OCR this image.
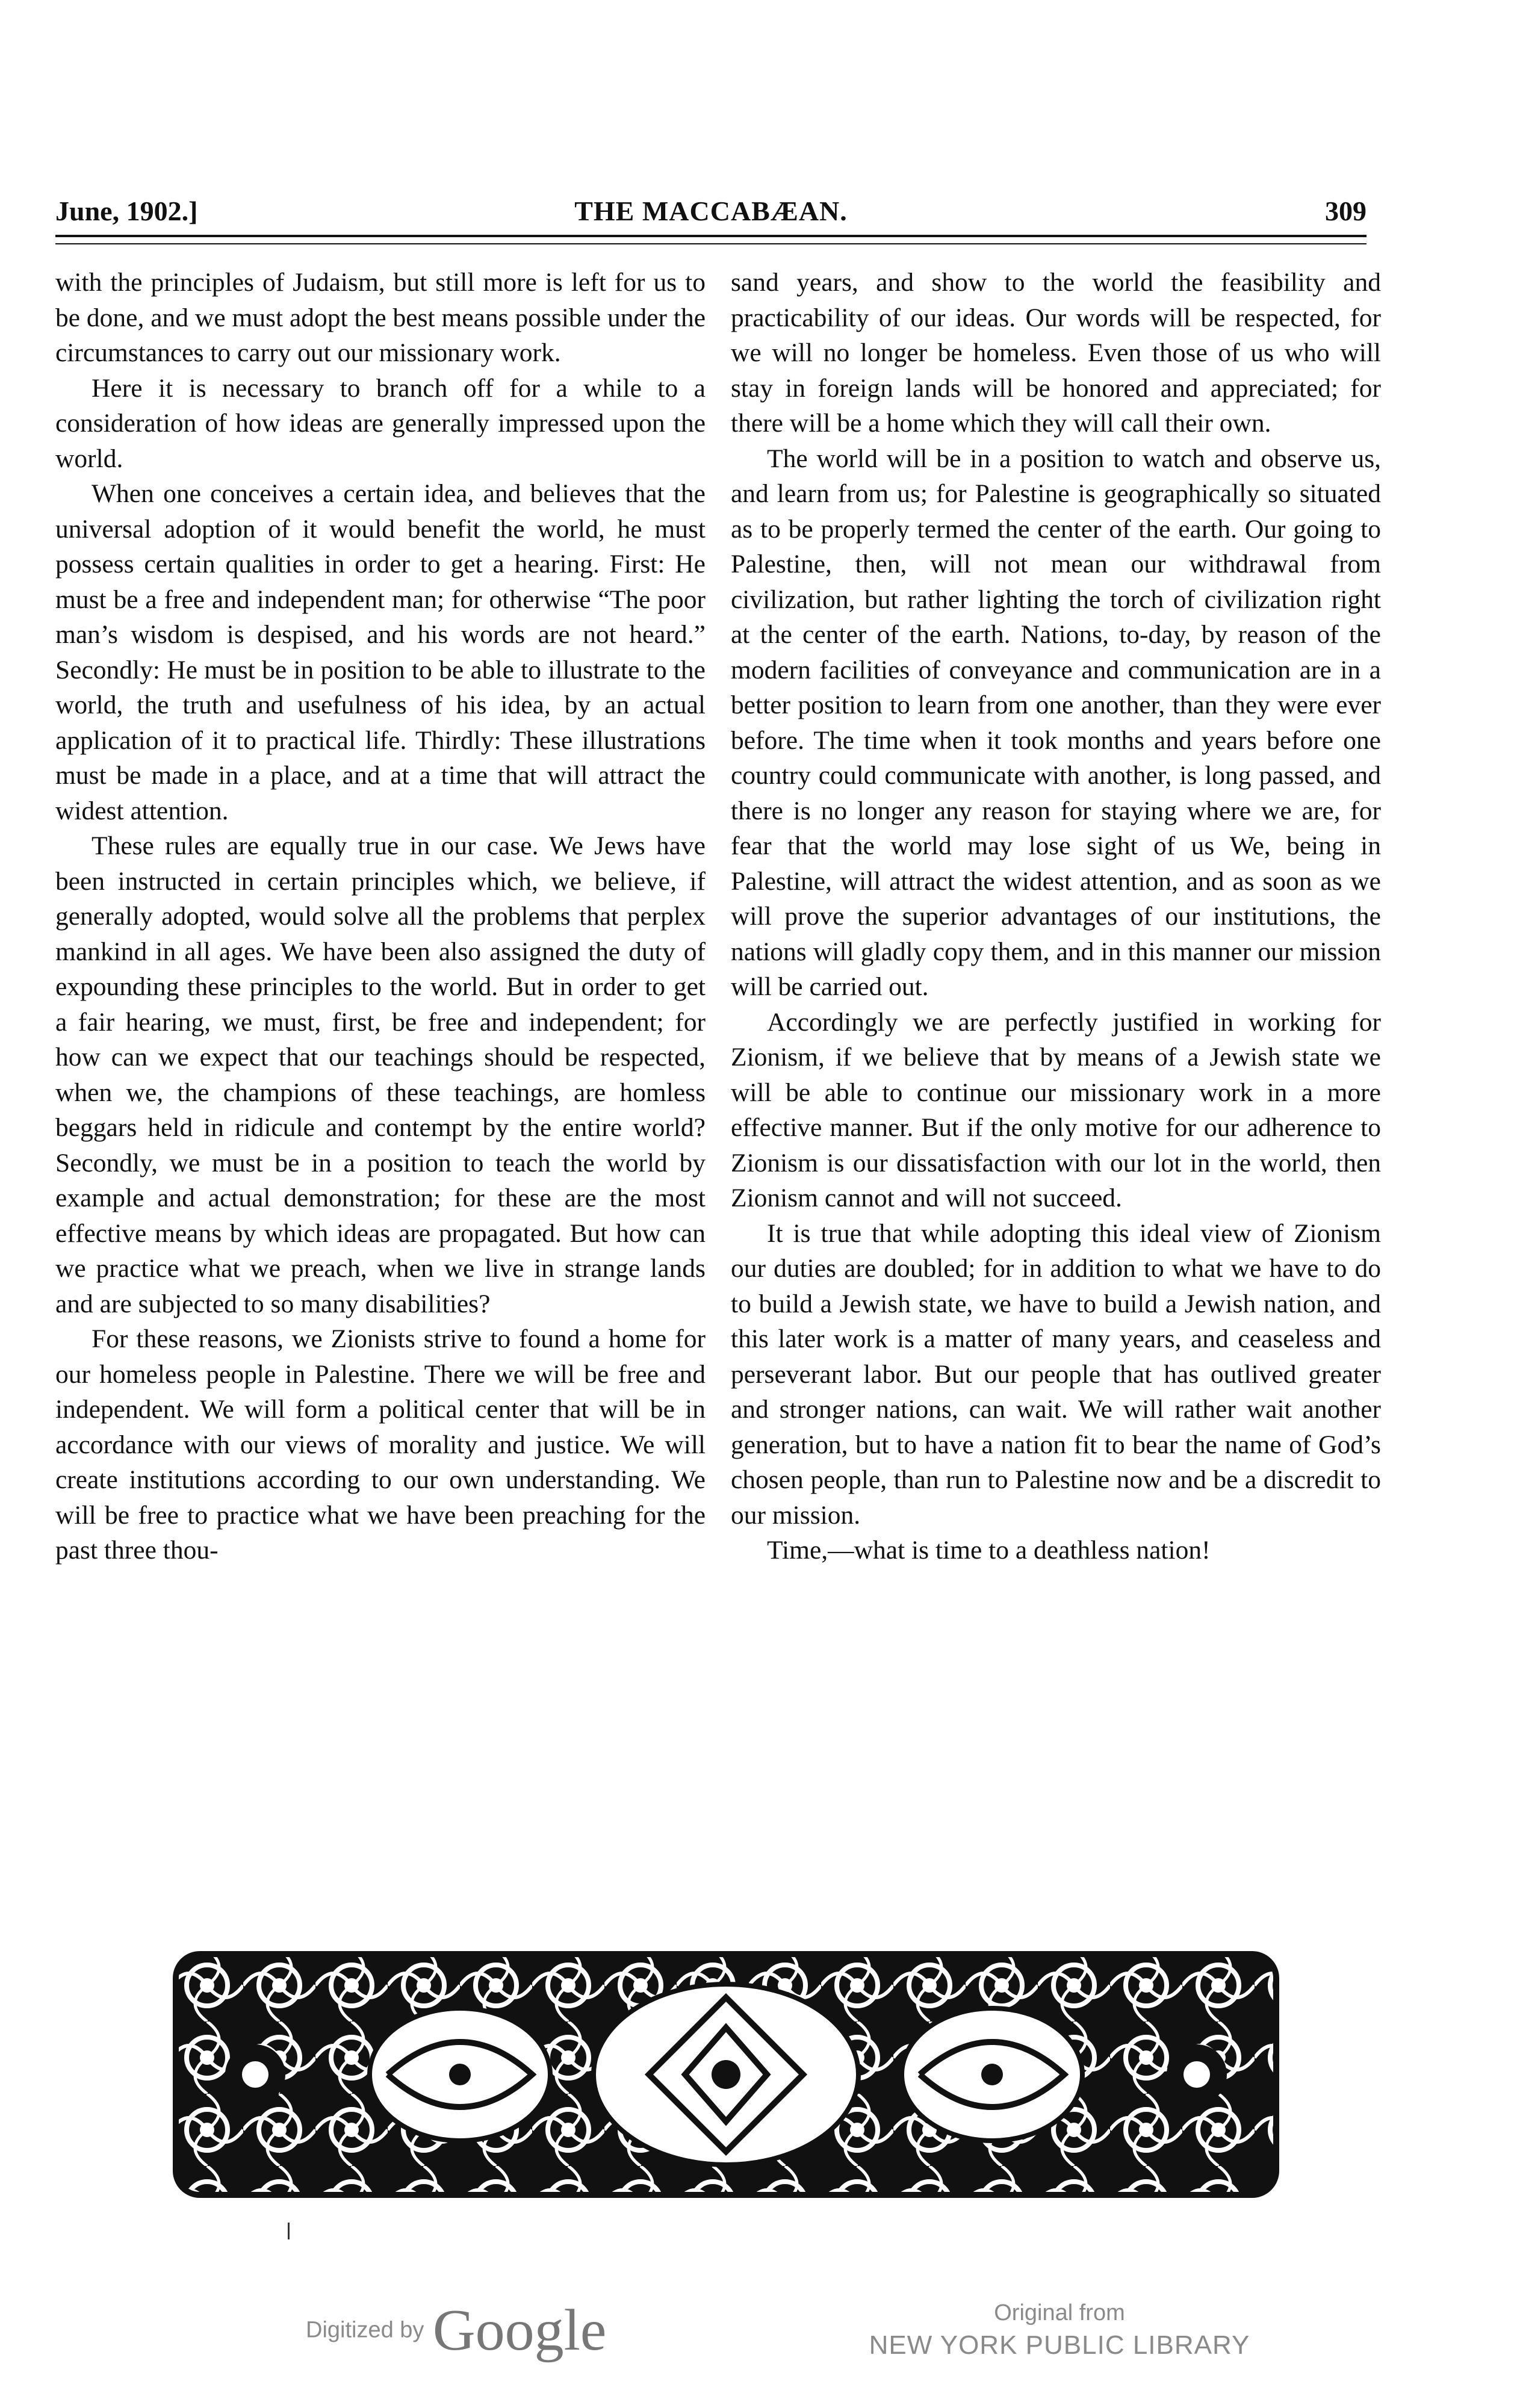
June, 1902.]	THE MACCABÆAN.	309

with the principles of Judaism, but still more is left for us to be done, and we must adopt the best means possible under the circumstances to carry out our missionary work.

Here it is necessary to branch off for a while to a consideration of how ideas are generally impressed upon the world.

When one conceives a certain idea, and believes that the universal adoption of it would benefit the world, he must possess certain qualities in order to get a hearing. First: He must be a free and independent man; for otherwise “The poor man’s wisdom is despised, and his words are not heard.” Secondly: He must be in position to be able to illustrate to the world, the truth and usefulness of his idea, by an actual application of it to practical life. Thirdly: These illustrations must be made in a place, and at a time that will attract the widest attention.

These rules are equally true in our case. We Jews have been instructed in certain principles which, we believe, if generally adopted, would solve all the problems that perplex mankind in all ages. We have been also assigned the duty of expounding these principles to the world. But in order to get a fair hearing, we must, first, be free and independent; for how can we expect that our teachings should be respected, when we, the champions of these teachings, are homless beggars held in ridicule and contempt by the entire world? Secondly, we must be in a position to teach the world by example and actual demonstration; for these are the most effective means by which ideas are propagated. But how can we practice what we preach, when we live in strange lands and are subjected to so many disabilities?

For these reasons, we Zionists strive to found a home for our homeless people in Palestine. There we will be free and independent. We will form a political center that will be in accordance with our views of morality and justice. We will create institutions according to our own understanding. We will be free to practice what we have been preaching for the past three thou-

sand years, and show to the world the feasibility and practicability of our ideas. Our words will be respected, for we will no longer be homeless. Even those of us who will stay in foreign lands will be honored and appreciated; for there will be a home which they will call their own.

The world will be in a position to watch and observe us, and learn from us; for Palestine is geographically so situated as to be properly termed the center of the earth. Our going to Palestine, then, will not mean our withdrawal from civilization, but rather lighting the torch of civilization right at the center of the earth. Nations, to-day, by reason of the modern facilities of conveyance and communication are in a better position to learn from one another, than they were ever before. The time when it took months and years before one country could communicate with another, is long passed, and there is no longer any reason for staying where we are, for fear that the world may lose sight of us We, being in Palestine, will attract the widest attention, and as soon as we will prove the superior advantages of our institutions, the nations will gladly copy them, and in this manner our mission will be carried out.

Accordingly we are perfectly justified in working for Zionism, if we believe that by means of a Jewish state we will be able to continue our missionary work in a more effective manner. But if the only motive for our adherence to Zionism is our dissatisfaction with our lot in the world, then Zionism cannot and will not succeed.

It is true that while adopting this ideal view of Zionism our duties are doubled; for in addition to what we have to do to build a Jewish state, we have to build a Jewish nation, and this later work is a matter of many years, and ceaseless and perseverant labor. But our people that has outlived greater and stronger nations, can wait. We will rather wait another generation, but to have a nation fit to bear the name of God’s chosen people, than run to Palestine now and be a discredit to our mission.

Time,—what is time to a deathless nation!

Digitized by Google	Original from
NEW YORK PUBLIC LIBRARY
